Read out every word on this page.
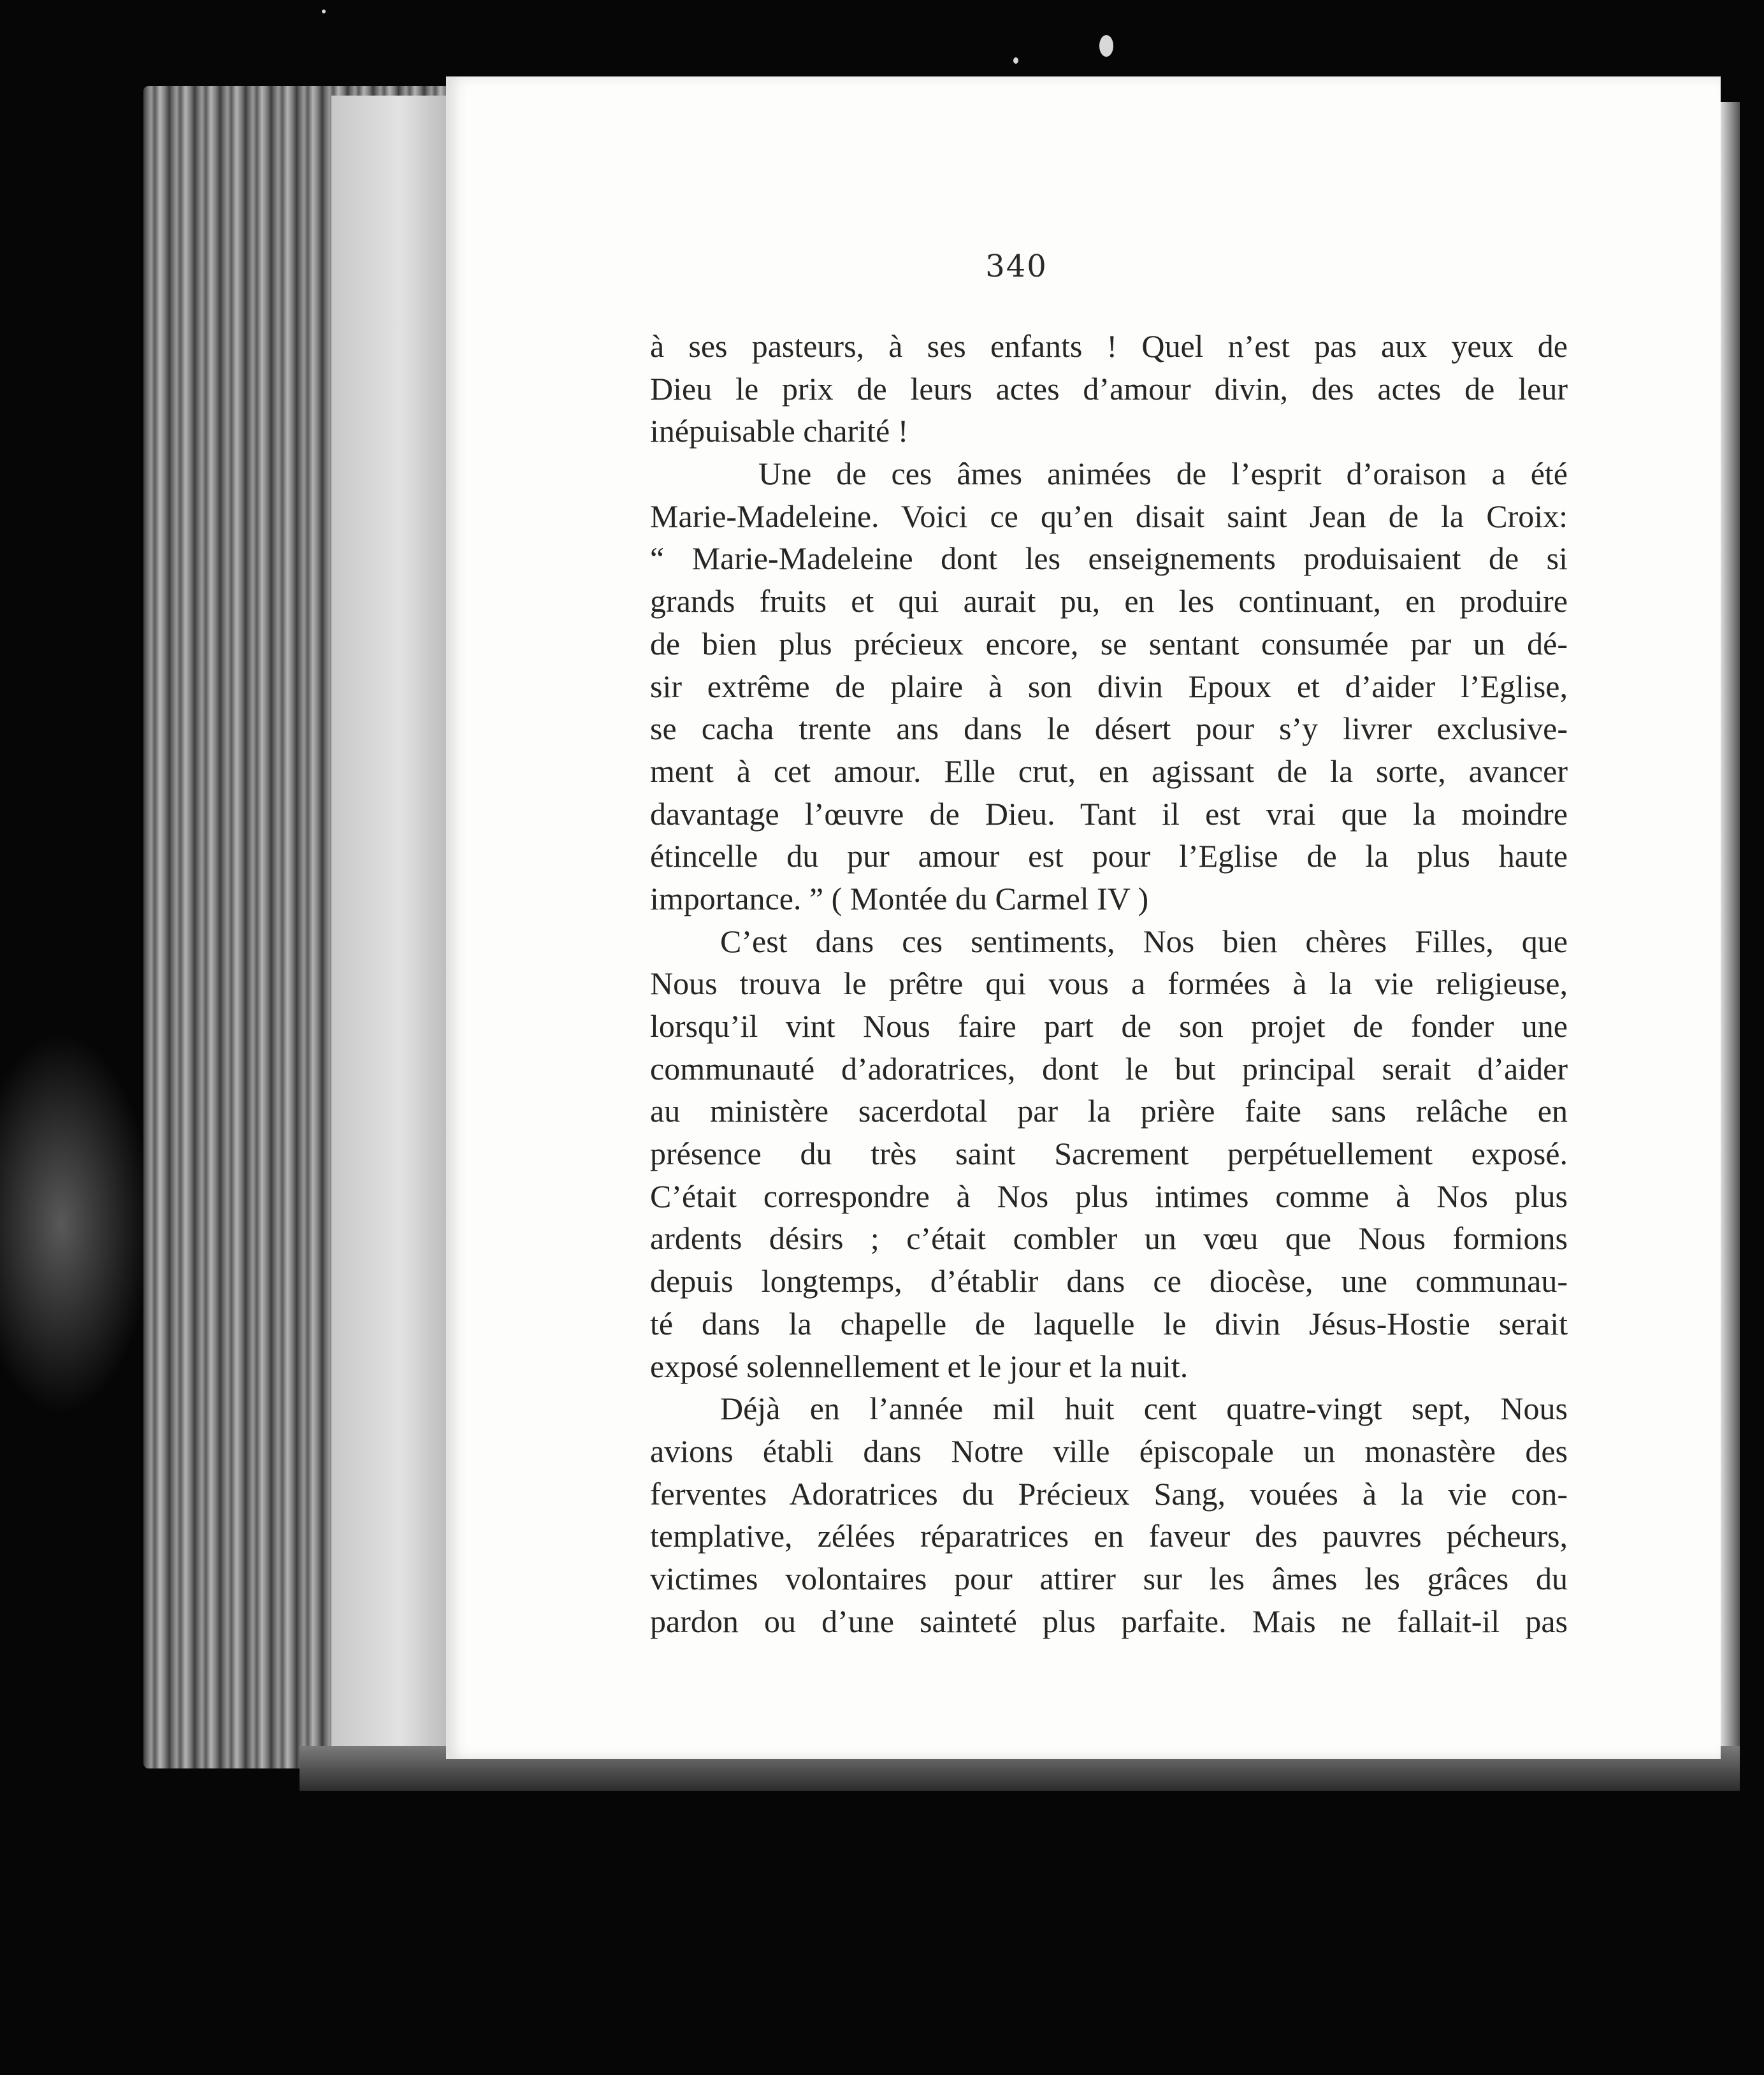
340
à ses pasteurs, à ses enfants ! Quel n’est pas aux yeux de
Dieu le prix de leurs actes d’amour divin, des actes de leur
inépuisable charité !
Une de ces âmes animées de l’esprit d’oraison a été
Marie-Madeleine. Voici ce qu’en disait saint Jean de la Croix:
“ Marie-Madeleine dont les enseignements produisaient de si
grands fruits et qui aurait pu, en les continuant, en produire
de bien plus précieux encore, se sentant consumée par un dé-
sir extrême de plaire à son divin Epoux et d’aider l’Eglise,
se cacha trente ans dans le désert pour s’y livrer exclusive-
ment à cet amour. Elle crut, en agissant de la sorte, avancer
davantage l’œuvre de Dieu. Tant il est vrai que la moindre
étincelle du pur amour est pour l’Eglise de la plus haute
importance. ” ( Montée du Carmel IV )
C’est dans ces sentiments, Nos bien chères Filles, que
Nous trouva le prêtre qui vous a formées à la vie religieuse,
lorsqu’il vint Nous faire part de son projet de fonder une
communauté d’adoratrices, dont le but principal serait d’aider
au ministère sacerdotal par la prière faite sans relâche en
présence du très saint Sacrement perpétuellement exposé.
C’était correspondre à Nos plus intimes comme à Nos plus
ardents désirs ; c’était combler un vœu que Nous formions
depuis longtemps, d’établir dans ce diocèse, une communau-
té dans la chapelle de laquelle le divin Jésus-Hostie serait
exposé solennellement et le jour et la nuit.
Déjà en l’année mil huit cent quatre-vingt sept, Nous
avions établi dans Notre ville épiscopale un monastère des
ferventes Adoratrices du Précieux Sang, vouées à la vie con-
templative, zélées réparatrices en faveur des pauvres pécheurs,
victimes volontaires pour attirer sur les âmes les grâces du
pardon ou d’une sainteté plus parfaite. Mais ne fallait-il pas
